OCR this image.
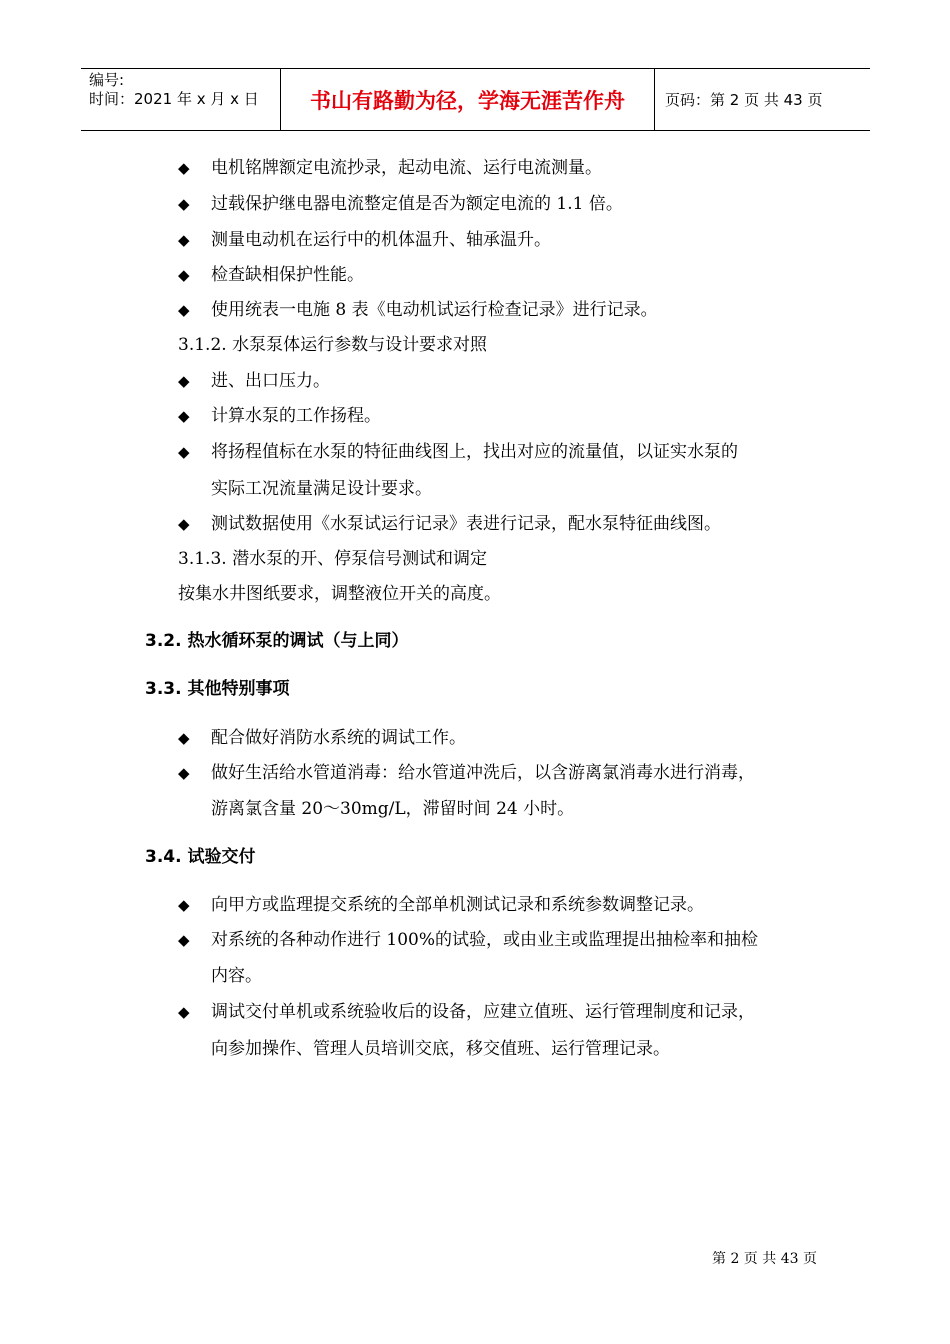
编号:
时间：2021 年 x 月 x 日	书山有路勤为径，学海无涯苦作舟	页码：第 2 页 共 43 页
◆ 电机铭牌额定电流抄录，起动电流、运行电流测量。
◆ 过载保护继电器电流整定值是否为额定电流的 1.1 倍。
◆ 测量电动机在运行中的机体温升、轴承温升。
◆ 检查缺相保护性能。
◆ 使用统表一电施 8 表《电动机试运行检查记录》进行记录。
3.1.2. 水泵泵体运行参数与设计要求对照
◆ 进、出口压力。
◆ 计算水泵的工作扬程。
◆ 将扬程值标在水泵的特征曲线图上，找出对应的流量值，以证实水泵的
实际工况流量满足设计要求。
◆ 测试数据使用《水泵试运行记录》表进行记录，配水泵特征曲线图。
3.1.3. 潜水泵的开、停泵信号测试和调定
按集水井图纸要求，调整液位开关的高度。
3.2. 热水循环泵的调试（与上同）
3.3. 其他特别事项
◆ 配合做好消防水系统的调试工作。
◆ 做好生活给水管道消毒：给水管道冲洗后，以含游离氯消毒水进行消毒，
游离氯含量 20～30mg/L，滞留时间 24 小时。
3.4. 试验交付
◆ 向甲方或监理提交系统的全部单机测试记录和系统参数调整记录。
◆ 对系统的各种动作进行 100%的试验，或由业主或监理提出抽检率和抽检
内容。
◆ 调试交付单机或系统验收后的设备，应建立值班、运行管理制度和记录，
向参加操作、管理人员培训交底，移交值班、运行管理记录。
第 2 页 共 43 页
